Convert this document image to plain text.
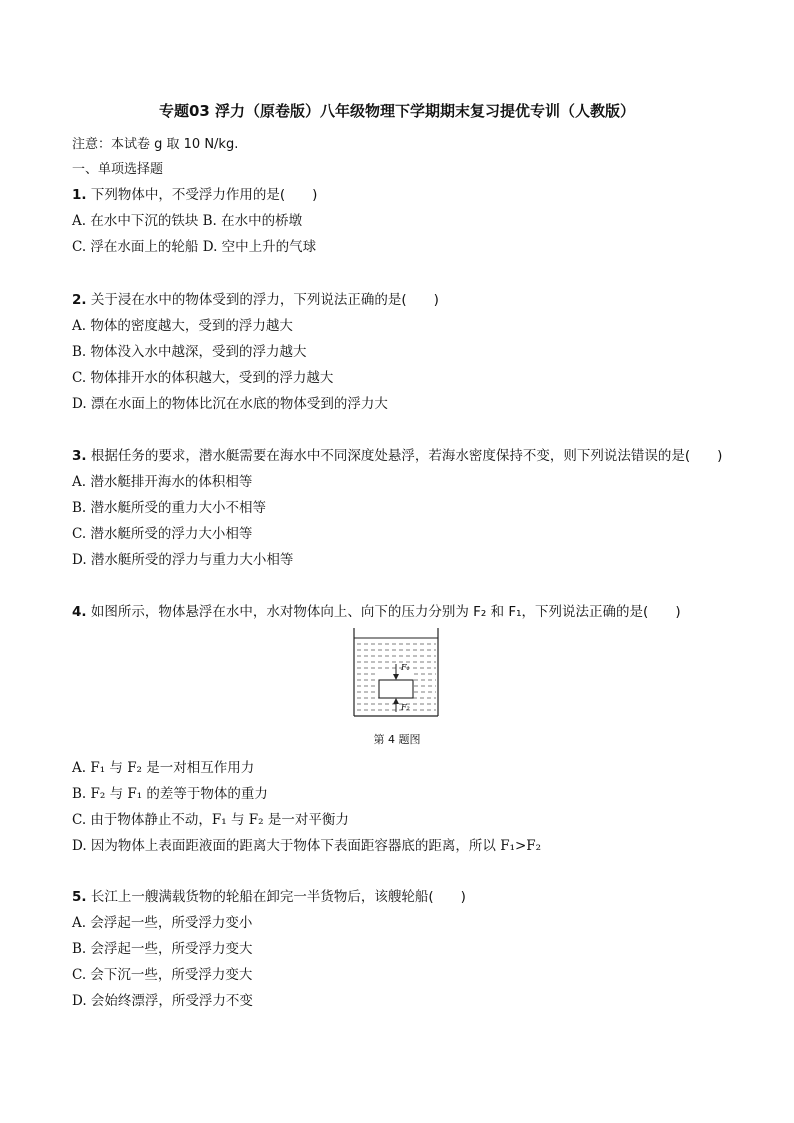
专题03 浮力（原卷版）八年级物理下学期期末复习提优专训（人教版）
注意：本试卷 g 取 10 N/kg.
一、单项选择题
1. 下列物体中，不受浮力作用的是(　　)
A. 在水中下沉的铁块 B. 在水中的桥墩
C. 浮在水面上的轮船 D. 空中上升的气球
2. 关于浸在水中的物体受到的浮力，下列说法正确的是(　　)
A. 物体的密度越大，受到的浮力越大
B. 物体没入水中越深，受到的浮力越大
C. 物体排开水的体积越大，受到的浮力越大
D. 漂在水面上的物体比沉在水底的物体受到的浮力大
3. 根据任务的要求，潜水艇需要在海水中不同深度处悬浮，若海水密度保持不变，则下列说法错误的是(　　)
A. 潜水艇排开海水的体积相等
B. 潜水艇所受的重力大小不相等
C. 潜水艇所受的浮力大小相等
D. 潜水艇所受的浮力与重力大小相等
4. 如图所示，物体悬浮在水中，水对物体向上、向下的压力分别为 F₂ 和 F₁，下列说法正确的是(　　)
F₁
F₂
第 4 题图
A. F₁ 与 F₂ 是一对相互作用力
B. F₂ 与 F₁ 的差等于物体的重力
C. 由于物体静止不动，F₁ 与 F₂ 是一对平衡力
D. 因为物体上表面距液面的距离大于物体下表面距容器底的距离，所以 F₁>F₂
5. 长江上一艘满载货物的轮船在卸完一半货物后，该艘轮船(　　)
A. 会浮起一些，所受浮力变小
B. 会浮起一些，所受浮力变大
C. 会下沉一些，所受浮力变大
D. 会始终漂浮，所受浮力不变
